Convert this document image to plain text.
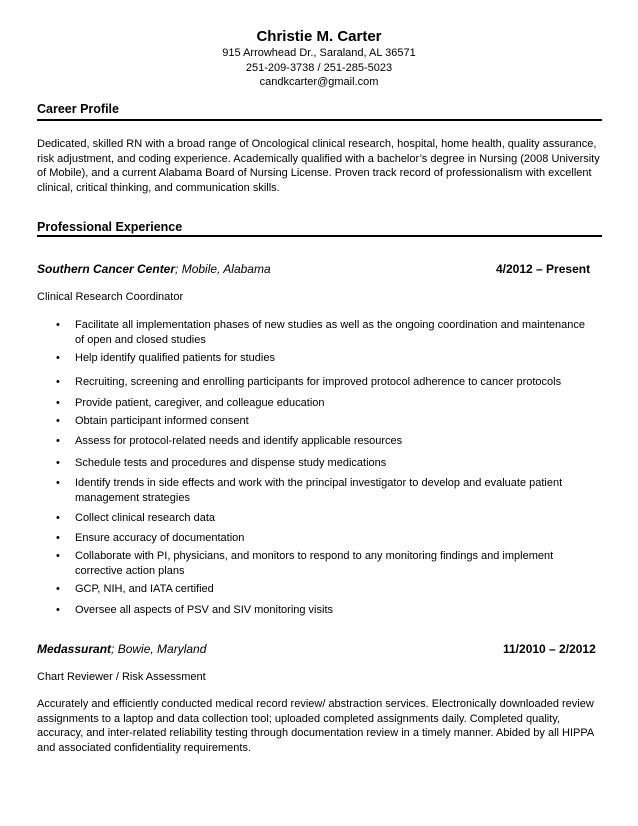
Christie M. Carter
915 Arrowhead Dr., Saraland, AL 36571
251-209-3738 / 251-285-5023
candkcarter@gmail.com
Career Profile
Dedicated, skilled RN with a broad range of Oncological clinical research, hospital, home health, quality assurance, risk adjustment, and coding experience. Academically qualified with a bachelor’s degree in Nursing (2008 University of Mobile), and a current Alabama Board of Nursing License. Proven track record of professionalism with excellent clinical, critical thinking, and communication skills.
Professional Experience
Southern Cancer Center; Mobile, Alabama	4/2012 – Present
Clinical Research Coordinator
• Facilitate all implementation phases of new studies as well as the ongoing coordination and maintenance of open and closed studies
• Help identify qualified patients for studies
• Recruiting, screening and enrolling participants for improved protocol adherence to cancer protocols
• Provide patient, caregiver, and colleague education
• Obtain participant informed consent
• Assess for protocol-related needs and identify applicable resources
• Schedule tests and procedures and dispense study medications
• Identify trends in side effects and work with the principal investigator to develop and evaluate patient management strategies
• Collect clinical research data
• Ensure accuracy of documentation
• Collaborate with PI, physicians, and monitors to respond to any monitoring findings and implement corrective action plans
• GCP, NIH, and IATA certified
• Oversee all aspects of PSV and SIV monitoring visits
Medassurant; Bowie, Maryland	11/2010 – 2/2012
Chart Reviewer / Risk Assessment
Accurately and efficiently conducted medical record review/ abstraction services. Electronically downloaded review assignments to a laptop and data collection tool; uploaded completed assignments daily. Completed quality, accuracy, and inter-related reliability testing through documentation review in a timely manner. Abided by all HIPPA and associated confidentiality requirements.
